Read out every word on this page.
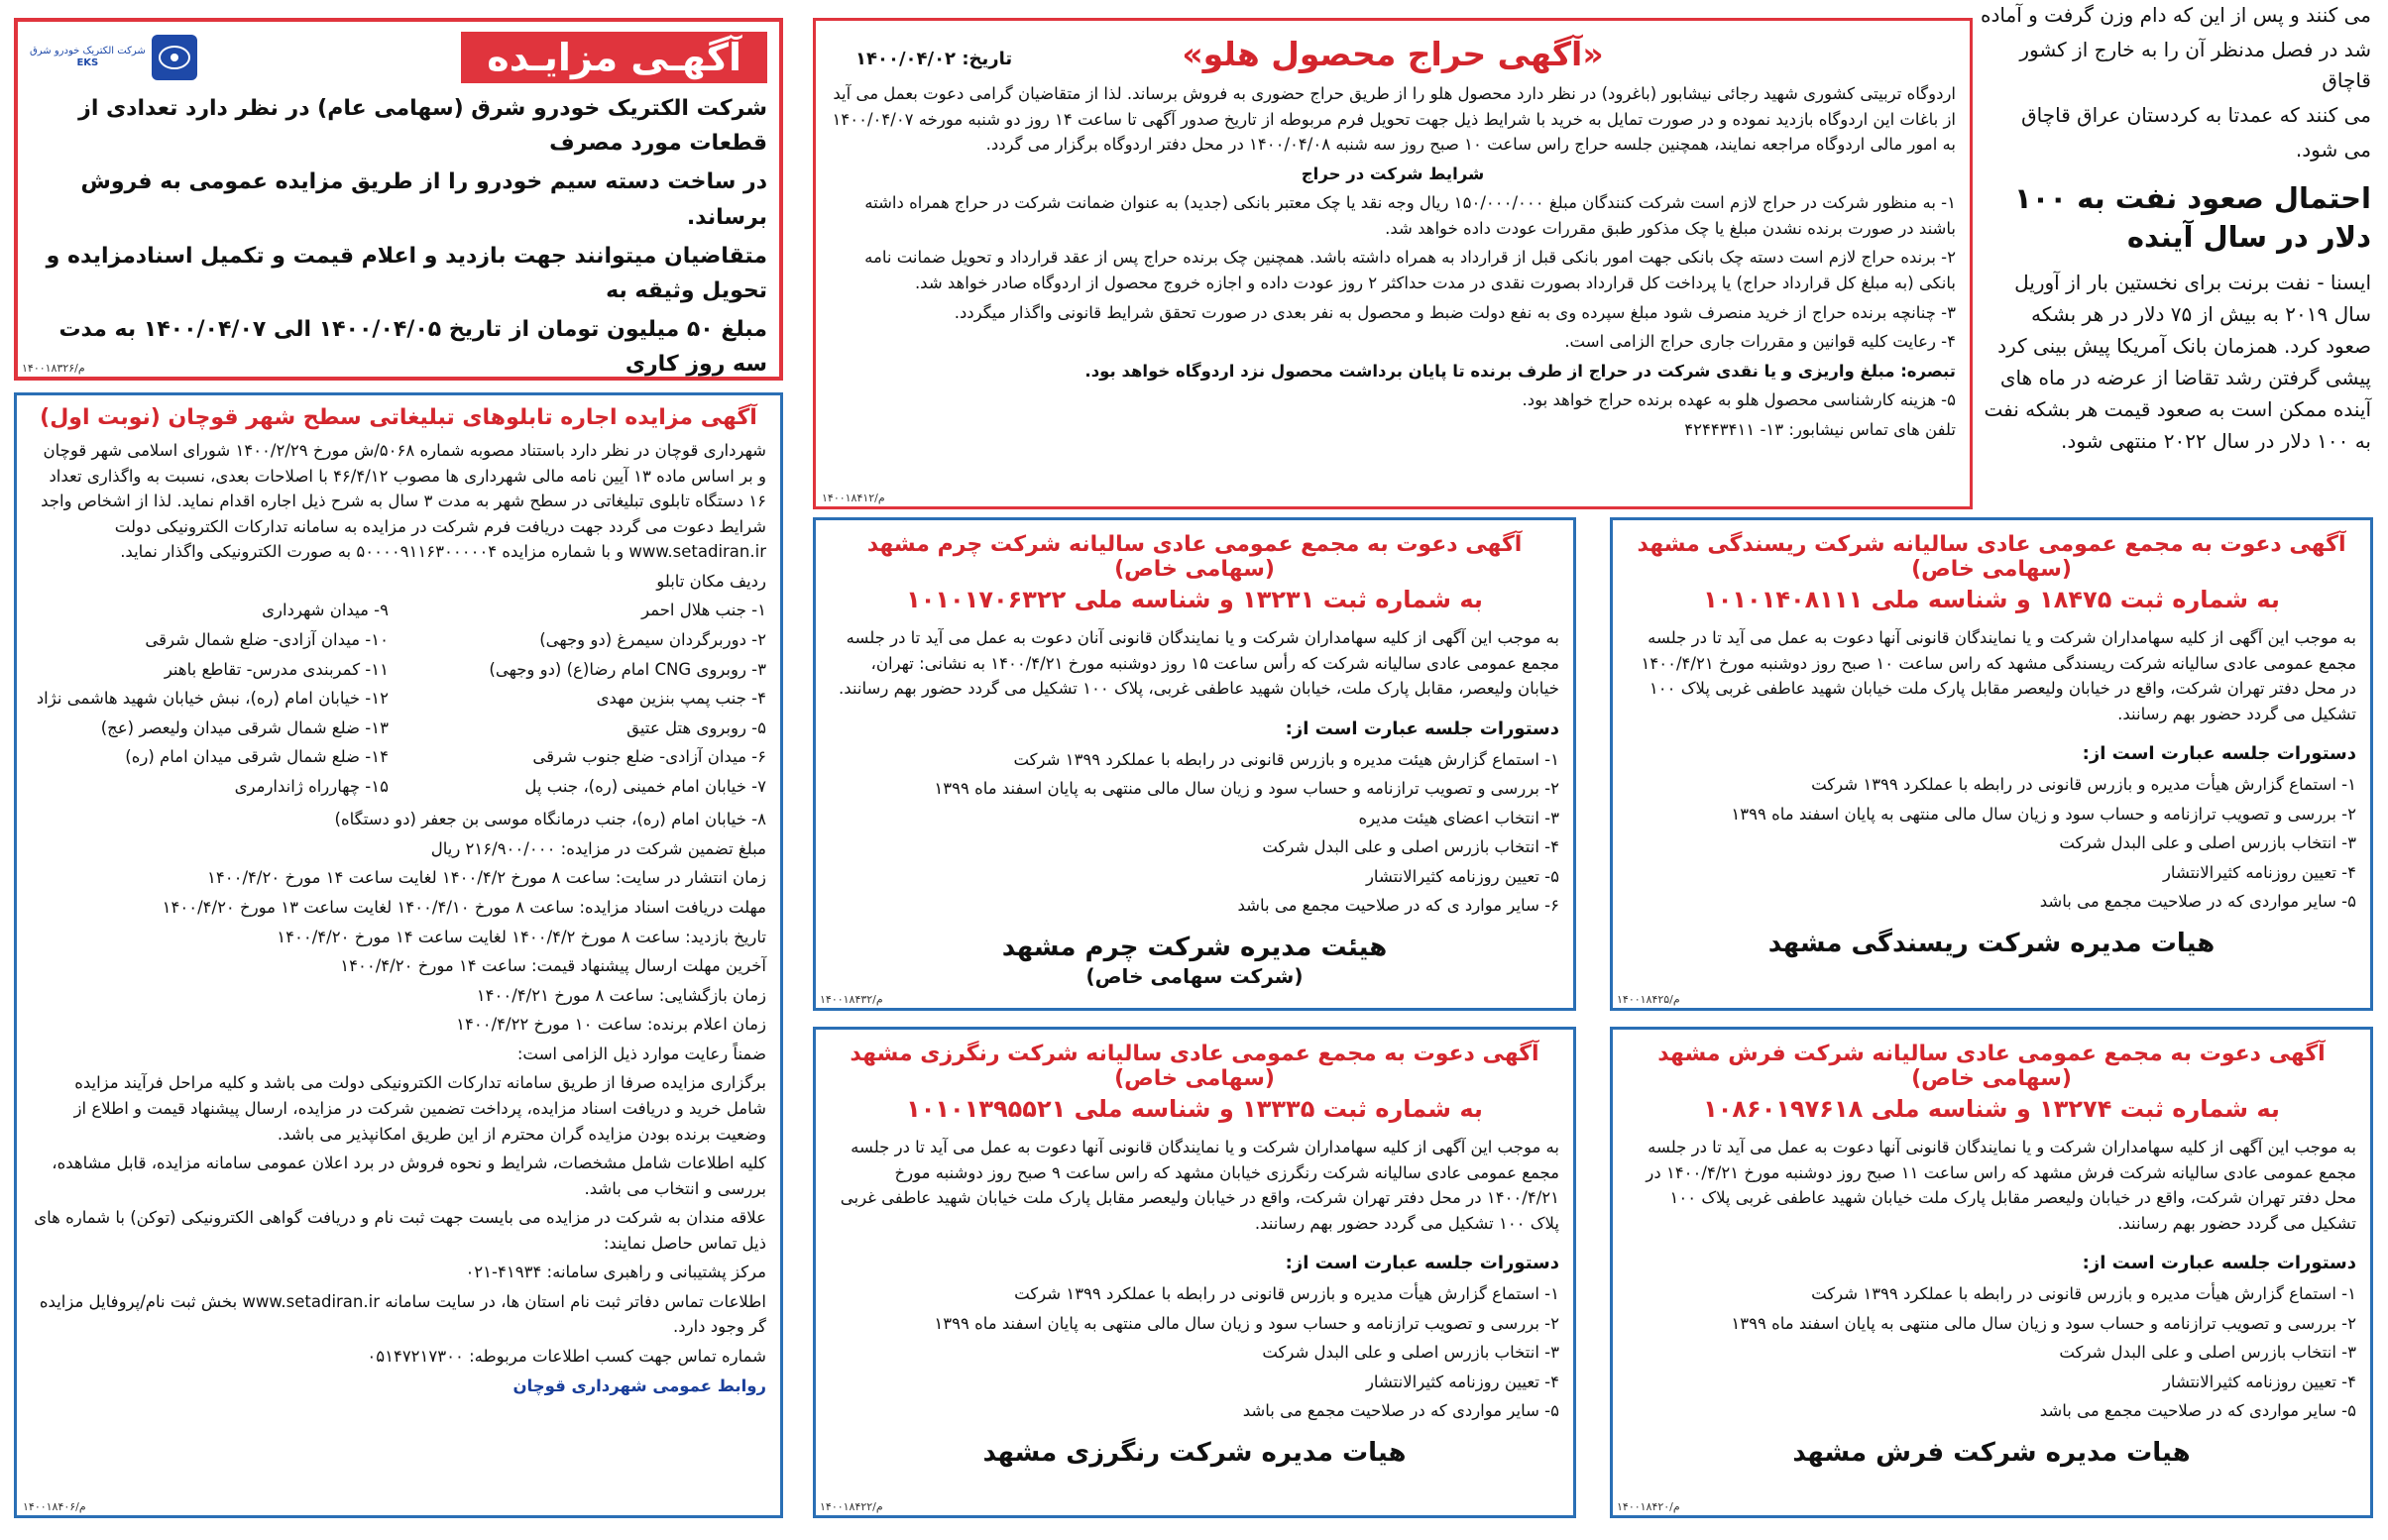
می کنند و پس از این که دام وزن گرفت و آماده

شد در فصل مدنظر آن را به خارج از کشور قاچاق

می کنند که عمدتا به کردستان عراق قاچاق

می شود.

احتمال صعود نفت به ۱۰۰ دلار در سال آینده

ایسنا - نفت برنت برای نخستین بار از آوریل سال ۲۰۱۹ به بیش از ۷۵ دلار در هر بشکه صعود کرد. همزمان بانک آمریکا پیش بینی کرد پیشی گرفتن رشد تقاضا از عرضه در ماه های آینده ممکن است به صعود قیمت هر بشکه نفت به ۱۰۰ دلار در سال ۲۰۲۲ منتهی شود.

تاریخ: ۱۴۰۰/۰۴/۰۲	«آگهی حراج محصول هلو»

اردوگاه تربیتی کشوری شهید رجائی نیشابور (باغرود) در نظر دارد محصول هلو را از طریق حراج حضوری به فروش برساند. لذا از متقاضیان گرامی دعوت بعمل می آید از باغات این اردوگاه بازدید نموده و در صورت تمایل به خرید با شرایط ذیل جهت تحویل فرم مربوطه از تاریخ صدور آگهی تا ساعت ۱۴ روز دو شنبه مورخه ۱۴۰۰/۰۴/۰۷ به امور مالی اردوگاه مراجعه نمایند، همچنین جلسه حراج راس ساعت ۱۰ صبح روز سه شنبه ۱۴۰۰/۰۴/۰۸ در محل دفتر اردوگاه برگزار می گردد.

شرایط شرکت در حراج

۱- به منظور شرکت در حراج لازم است شرکت کنندگان مبلغ ۱۵۰/۰۰۰/۰۰۰ ریال وجه نقد یا چک معتبر بانکی (جدید) به عنوان ضمانت شرکت در حراج همراه داشته باشند در صورت برنده نشدن مبلغ یا چک مذکور طبق مقررات عودت داده خواهد شد.

۲- برنده حراج لازم است دسته چک بانکی جهت امور بانکی قبل از قرارداد به همراه داشته باشد. همچنین چک برنده حراج پس از عقد قرارداد و تحویل ضمانت نامه بانکی (به مبلغ کل قرارداد حراج) یا پرداخت کل قرارداد بصورت نقدی در مدت حداکثر ۲ روز عودت داده و اجازه خروج محصول از اردوگاه صادر خواهد شد.

۳- چنانچه برنده حراج از خرید منصرف شود مبلغ سپرده وی به نفع دولت ضبط و محصول به نفر بعدی در صورت تحقق شرایط قانونی واگذار میگردد.

۴- رعایت کلیه قوانین و مقررات جاری حراج الزامی است.

تبصره: مبلغ واریزی و یا نقدی شرکت در حراج از طرف برنده تا پایان برداشت محصول نزد اردوگاه خواهد بود.

۵- هزینه کارشناسی محصول هلو به عهده برنده حراج خواهد بود.

تلفن های تماس نیشابور: ۱۳- ۴۲۴۴۳۴۱۱

۱۴۰۰۱۸۴۱۲/م
آگهـی مزایـده
شرکت الکتریک خودرو شرق
EKS

شرکت الکتریک خودرو شرق (سهامی عام) در نظر دارد تعدادی از قطعات مورد مصرف

در ساخت دسته سیم خودرو را از طریق مزایده عمومی به فروش برساند.

متقاضیان میتوانند جهت بازدید و اعلام قیمت و تکمیل اسنادمزایده و تحویل وثیقه به

مبلغ ۵۰ میلیون تومان از تاریخ ۱۴۰۰/۰۴/۰۵ الی ۱۴۰۰/۰۴/۰۷ به مدت سه روز کاری

۱۴۰۰۱۸۳۲۶/م
آگهی مزایده اجاره تابلوهای تبلیغاتی سطح شهر قوچان (نوبت اول)

شهرداری قوچان در نظر دارد باستناد مصوبه شماره ۵۰۶۸/ش مورخ ۱۴۰۰/۲/۲۹ شورای اسلامی شهر قوچان و بر اساس ماده ۱۳ آیین نامه مالی شهرداری ها مصوب ۴۶/۴/۱۲ با اصلاحات بعدی، نسبت به واگذاری تعداد ۱۶ دستگاه تابلوی تبلیغاتی در سطح شهر به مدت ۳ سال به شرح ذیل اجاره اقدام نماید. لذا از اشخاص واجد شرایط دعوت می گردد جهت دریافت فرم شرکت در مزایده به سامانه تدارکات الکترونیکی دولت www.setadiran.ir و با شماره مزایده ۵۰۰۰۰۹۱۱۶۳۰۰۰۰۰۴ به صورت الکترونیکی واگذار نماید.

ردیف مکان تابلو

۱- جنب هلال احمر

۲- دوربرگردان سیمرغ (دو وجهی)

۳- روبروی CNG امام رضا(ع) (دو وجهی)

۴- جنب پمپ بنزین مهدی

۵- روبروی هتل عتیق

۶- میدان آزادی- ضلع جنوب شرقی

۷- خیابان امام خمینی (ره)، جنب پل

۹- میدان شهرداری

۱۰- میدان آزادی- ضلع شمال شرقی

۱۱- کمربندی مدرس- تقاطع باهنر

۱۲- خیابان امام (ره)، نبش خیابان شهید هاشمی نژاد

۱۳- ضلع شمال شرقی میدان ولیعصر (عج)

۱۴- ضلع شمال شرقی میدان امام (ره)

۱۵- چهارراه ژاندارمری

۸- خیابان امام (ره)، جنب درمانگاه موسی بن جعفر (دو دستگاه)

مبلغ تضمین شرکت در مزایده: ۲۱۶/۹۰۰/۰۰۰ ریال

زمان انتشار در سایت: ساعت ۸ مورخ ۱۴۰۰/۴/۲ لغایت ساعت ۱۴ مورخ ۱۴۰۰/۴/۲۰

مهلت دریافت اسناد مزایده: ساعت ۸ مورخ ۱۴۰۰/۴/۱۰ لغایت ساعت ۱۳ مورخ ۱۴۰۰/۴/۲۰

تاریخ بازدید: ساعت ۸ مورخ ۱۴۰۰/۴/۲ لغایت ساعت ۱۴ مورخ ۱۴۰۰/۴/۲۰

آخرین مهلت ارسال پیشنهاد قیمت: ساعت ۱۴ مورخ ۱۴۰۰/۴/۲۰

زمان بازگشایی: ساعت ۸ مورخ ۱۴۰۰/۴/۲۱

زمان اعلام برنده: ساعت ۱۰ مورخ ۱۴۰۰/۴/۲۲

ضمناً رعایت موارد ذیل الزامی است:

برگزاری مزایده صرفا از طریق سامانه تدارکات الکترونیکی دولت می باشد و کلیه مراحل فرآیند مزایده شامل خرید و دریافت اسناد مزایده، پرداخت تضمین شرکت در مزایده، ارسال پیشنهاد قیمت و اطلاع از وضعیت برنده بودن مزایده گران محترم از این طریق امکانپذیر می باشد.

کلیه اطلاعات شامل مشخصات، شرایط و نحوه فروش در برد اعلان عمومی سامانه مزایده، قابل مشاهده، بررسی و انتخاب می باشد.

علاقه مندان به شرکت در مزایده می بایست جهت ثبت نام و دریافت گواهی الکترونیکی (توکن) با شماره های ذیل تماس حاصل نمایند:

مرکز پشتیبانی و راهبری سامانه: ۴۱۹۳۴-۰۲۱

اطلاعات تماس دفاتر ثبت نام استان ها، در سایت سامانه www.setadiran.ir بخش ثبت نام/پروفایل مزایده گر وجود دارد.

شماره تماس جهت کسب اطلاعات مربوطه: ۰۵۱۴۷۲۱۷۳۰۰

روابط عمومی شهرداری قوچان

۱۴۰۰۱۸۴۰۶/م
آگهی دعوت به مجمع عمومی عادی سالیانه شرکت چرم مشهد (سهامی خاص)
به شماره ثبت ۱۳۲۳۱ و شناسه ملی ۱۰۱۰۱۷۰۶۳۲۲

به موجب این آگهی از کلیه سهامداران شرکت و یا نمایندگان قانونی آنان دعوت به عمل می آید تا در جلسه مجمع عمومی عادی سالیانه شرکت که رأس ساعت ۱۵ روز دوشنبه مورخ ۱۴۰۰/۴/۲۱ به نشانی: تهران، خیابان ولیعصر، مقابل پارک ملت، خیابان شهید عاطفی غربی، پلاک ۱۰۰ تشکیل می گردد حضور بهم رسانند.

دستورات جلسه عبارت است از:

۱- استماع گزارش هیئت مدیره و بازرس قانونی در رابطه با عملکرد ۱۳۹۹ شرکت

۲- بررسی و تصویب ترازنامه و حساب سود و زیان سال مالی منتهی به پایان اسفند ماه ۱۳۹۹

۳- انتخاب اعضای هیئت مدیره

۴- انتخاب بازرس اصلی و علی البدل شرکت

۵- تعیین روزنامه کثیرالانتشار

۶- سایر موارد ی که در صلاحیت مجمع می باشد

هیئت مدیره شرکت چرم مشهد
(شرکت سهامی خاص)
۱۴۰۰۱۸۴۳۲/م
آگهی دعوت به مجمع عمومی عادی سالیانه شرکت ریسندگی مشهد (سهامی خاص)
به شماره ثبت ۱۸۴۷۵ و شناسه ملی ۱۰۱۰۱۴۰۸۱۱۱

به موجب این آگهی از کلیه سهامداران شرکت و یا نمایندگان قانونی آنها دعوت به عمل می آید تا در جلسه مجمع عمومی عادی سالیانه شرکت ریسندگی مشهد که راس ساعت ۱۰ صبح روز دوشنبه مورخ ۱۴۰۰/۴/۲۱ در محل دفتر تهران شرکت، واقع در خیابان ولیعصر مقابل پارک ملت خیابان شهید عاطفی غربی پلاک ۱۰۰ تشکیل می گردد حضور بهم رسانند.

دستورات جلسه عبارت است از:

۱- استماع گزارش هیأت مدیره و بازرس قانونی در رابطه با عملکرد ۱۳۹۹ شرکت

۲- بررسی و تصویب ترازنامه و حساب سود و زیان سال مالی منتهی به پایان اسفند ماه ۱۳۹۹

۳- انتخاب بازرس اصلی و علی البدل شرکت

۴- تعیین روزنامه کثیرالانتشار

۵- سایر مواردی که در صلاحیت مجمع می باشد

هیات مدیره شرکت ریسندگی مشهد
۱۴۰۰۱۸۴۲۵/م
آگهی دعوت به مجمع عمومی عادی سالیانه شرکت رنگرزی مشهد (سهامی خاص)
به شماره ثبت ۱۳۳۳۵ و شناسه ملی ۱۰۱۰۱۳۹۵۵۲۱

به موجب این آگهی از کلیه سهامداران شرکت و یا نمایندگان قانونی آنها دعوت به عمل می آید تا در جلسه مجمع عمومی عادی سالیانه شرکت رنگرزی خیابان مشهد که راس ساعت ۹ صبح روز دوشنبه مورخ ۱۴۰۰/۴/۲۱ در محل دفتر تهران شرکت، واقع در خیابان ولیعصر مقابل پارک ملت خیابان شهید عاطفی غربی پلاک ۱۰۰ تشکیل می گردد حضور بهم رسانند.

دستورات جلسه عبارت است از:

۱- استماع گزارش هیأت مدیره و بازرس قانونی در رابطه با عملکرد ۱۳۹۹ شرکت

۲- بررسی و تصویب ترازنامه و حساب سود و زیان سال مالی منتهی به پایان اسفند ماه ۱۳۹۹

۳- انتخاب بازرس اصلی و علی البدل شرکت

۴- تعیین روزنامه کثیرالانتشار

۵- سایر مواردی که در صلاحیت مجمع می باشد

هیات مدیره شرکت رنگرزی مشهد
۱۴۰۰۱۸۴۲۲/م
آگهی دعوت به مجمع عمومی عادی سالیانه شرکت فرش مشهد (سهامی خاص)
به شماره ثبت ۱۳۲۷۴ و شناسه ملی ۱۰۸۶۰۱۹۷۶۱۸

به موجب این آگهی از کلیه سهامداران شرکت و یا نمایندگان قانونی آنها دعوت به عمل می آید تا در جلسه مجمع عمومی عادی سالیانه شرکت فرش مشهد که راس ساعت ۱۱ صبح روز دوشنبه مورخ ۱۴۰۰/۴/۲۱ در محل دفتر تهران شرکت، واقع در خیابان ولیعصر مقابل پارک ملت خیابان شهید عاطفی غربی پلاک ۱۰۰ تشکیل می گردد حضور بهم رسانند.

دستورات جلسه عبارت است از:

۱- استماع گزارش هیأت مدیره و بازرس قانونی در رابطه با عملکرد ۱۳۹۹ شرکت

۲- بررسی و تصویب ترازنامه و حساب سود و زیان سال مالی منتهی به پایان اسفند ماه ۱۳۹۹

۳- انتخاب بازرس اصلی و علی البدل شرکت

۴- تعیین روزنامه کثیرالانتشار

۵- سایر مواردی که در صلاحیت مجمع می باشد

هیات مدیره شرکت فرش مشهد
۱۴۰۰۱۸۴۲۰/م
